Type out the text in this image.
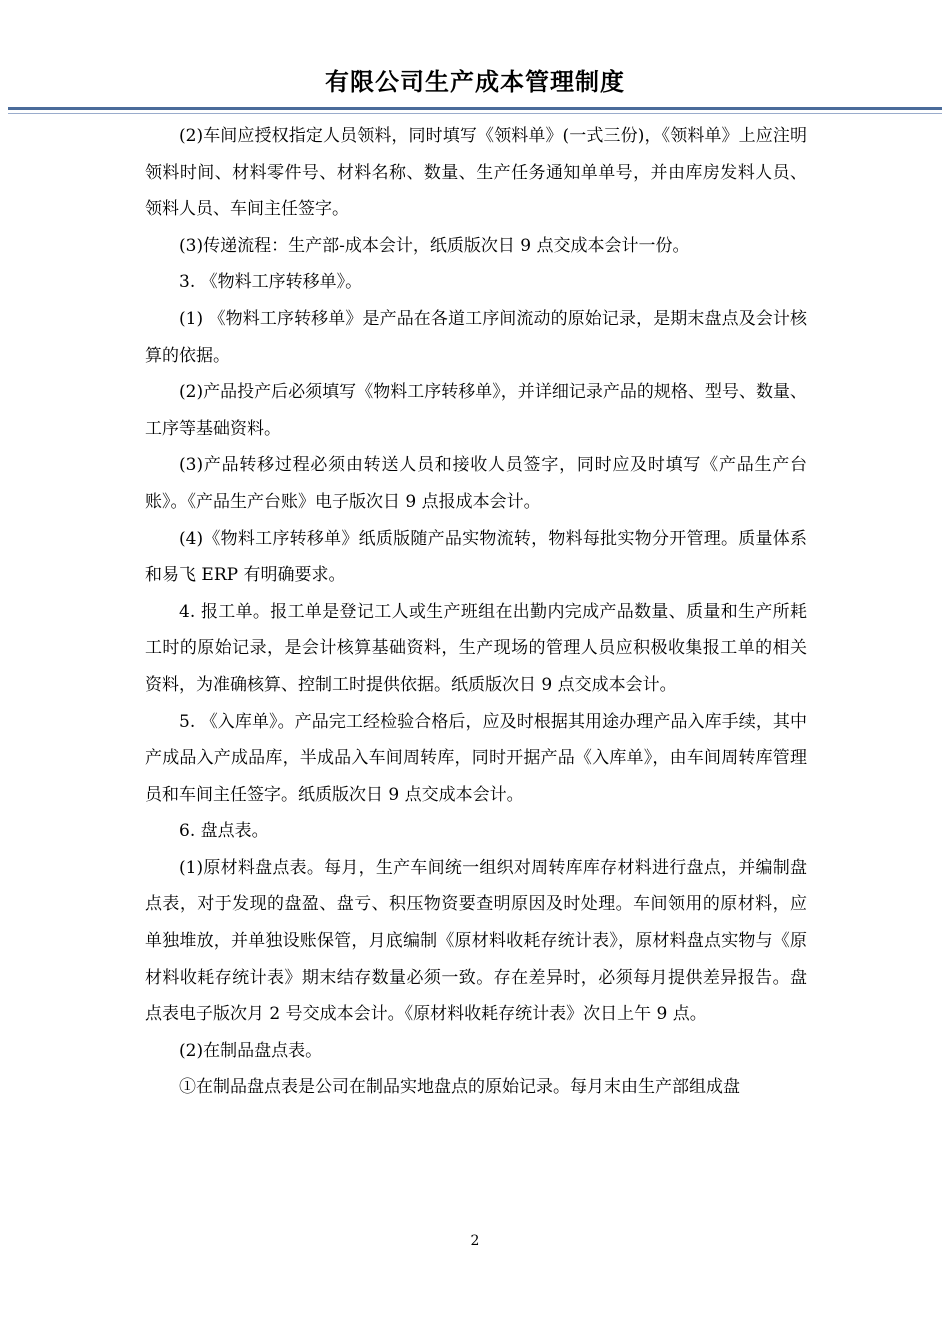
有限公司生产成本管理制度

(2)车间应授权指定人员领料，同时填写《领料单》(一式三份)，《领料单》上应注明领料时间、材料零件号、材料名称、数量、生产任务通知单单号，并由库房发料人员、领料人员、车间主任签字。

(3)传递流程：生产部-成本会计，纸质版次日 9 点交成本会计一份。

3. 《物料工序转移单》。

(1) 《物料工序转移单》是产品在各道工序间流动的原始记录，是期末盘点及会计核算的依据。

(2)产品投产后必须填写《物料工序转移单》，并详细记录产品的规格、型号、数量、工序等基础资料。

(3)产品转移过程必须由转送人员和接收人员签字，同时应及时填写《产品生产台账》。《产品生产台账》电子版次日 9 点报成本会计。

(4)《物料工序转移单》纸质版随产品实物流转，物料每批实物分开管理。质量体系和易飞 ERP 有明确要求。

4. 报工单。报工单是登记工人或生产班组在出勤内完成产品数量、质量和生产所耗工时的原始记录，是会计核算基础资料，生产现场的管理人员应积极收集报工单的相关资料，为准确核算、控制工时提供依据。纸质版次日 9 点交成本会计。

5. 《入库单》。产品完工经检验合格后，应及时根据其用途办理产品入库手续，其中产成品入产成品库，半成品入车间周转库，同时开据产品《入库单》，由车间周转库管理员和车间主任签字。纸质版次日 9 点交成本会计。

6. 盘点表。

(1)原材料盘点表。每月，生产车间统一组织对周转库库存材料进行盘点，并编制盘点表，对于发现的盘盈、盘亏、积压物资要查明原因及时处理。车间领用的原材料，应单独堆放，并单独设账保管，月底编制《原材料收耗存统计表》，原材料盘点实物与《原材料收耗存统计表》期末结存数量必须一致。存在差异时，必须每月提供差异报告。盘点表电子版次月 2 号交成本会计。《原材料收耗存统计表》次日上午 9 点。

(2)在制品盘点表。

①在制品盘点表是公司在制品实地盘点的原始记录。每月末由生产部组成盘

2
